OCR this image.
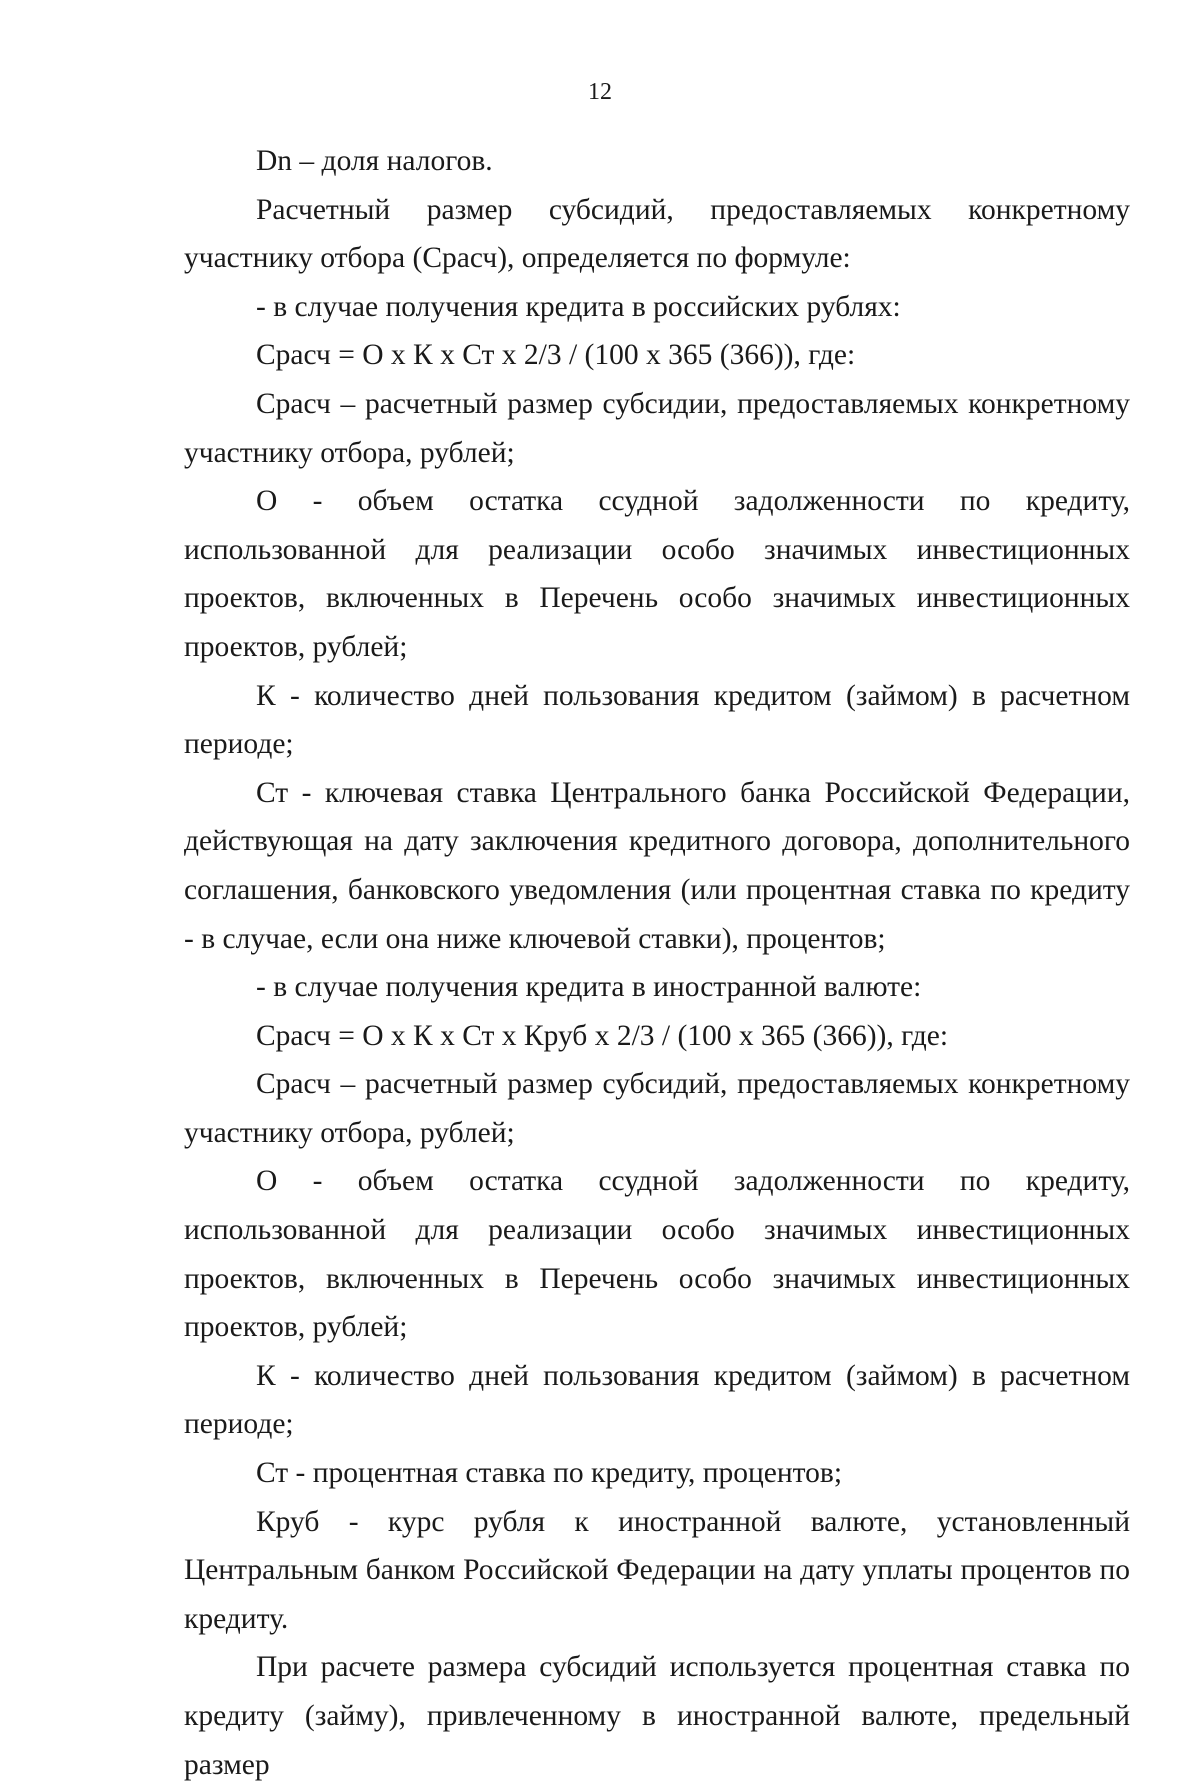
12

Dn – доля налогов.

Расчетный размер субсидий, предоставляемых конкретному участнику отбора (Срасч), определяется по формуле:

- в случае получения кредита в российских рублях:

Срасч = О х К х Ст х 2/3 / (100 х 365 (366)), где:

Срасч – расчетный размер субсидии, предоставляемых конкретному участнику отбора, рублей;

О - объем остатка ссудной задолженности по кредиту, использованной для реализации особо значимых инвестиционных проектов, включенных в Перечень особо значимых инвестиционных проектов, рублей;

К - количество дней пользования кредитом (займом) в расчетном периоде;

Ст - ключевая ставка Центрального банка Российской Федерации, действующая на дату заключения кредитного договора, дополнительного соглашения, банковского уведомления (или процентная ставка по кредиту - в случае, если она ниже ключевой ставки), процентов;

- в случае получения кредита в иностранной валюте:

Срасч = О х К х Ст х Круб х 2/3 / (100 х 365 (366)), где:

Срасч – расчетный размер субсидий, предоставляемых конкретному участнику отбора, рублей;

О - объем остатка ссудной задолженности по кредиту, использованной для реализации особо значимых инвестиционных проектов, включенных в Перечень особо значимых инвестиционных проектов, рублей;

К - количество дней пользования кредитом (займом) в расчетном периоде;

Ст - процентная ставка по кредиту, процентов;

Круб - курс рубля к иностранной валюте, установленный Центральным банком Российской Федерации на дату уплаты процентов по кредиту.

При расчете размера субсидий используется процентная ставка по кредиту (займу), привлеченному в иностранной валюте, предельный размер
